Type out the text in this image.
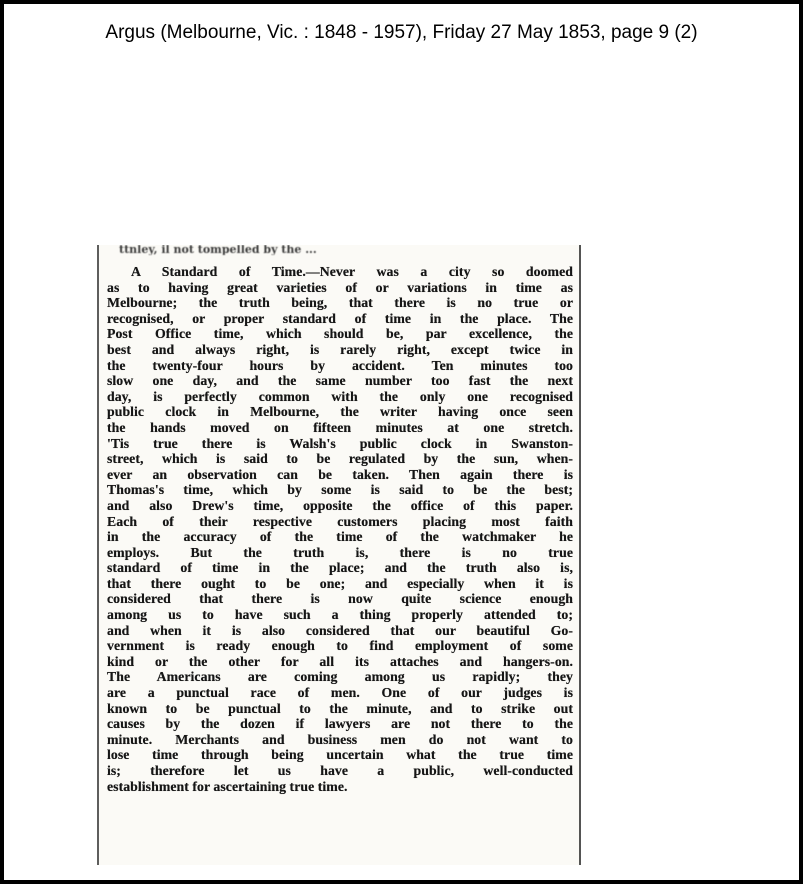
Argus (Melbourne, Vic. : 1848 - 1957), Friday 27 May 1853, page 9 (2)
ttnley, il not tompelled by the ...
A Standard of Time.—Never was a city so doomed
as to having great varieties of or variations in time as
Melbourne; the truth being, that there is no true or
recognised, or proper standard of time in the place. The
Post Office time, which should be, par excellence, the
best and always right, is rarely right, except twice in
the twenty-four hours by accident. Ten minutes too
slow one day, and the same number too fast the next
day, is perfectly common with the only one recognised
public clock in Melbourne, the writer having once seen
the hands moved on fifteen minutes at one stretch.
'Tis true there is Walsh's public clock in Swanston-
street, which is said to be regulated by the sun, when-
ever an observation can be taken. Then again there is
Thomas's time, which by some is said to be the best;
and also Drew's time, opposite the office of this paper.
Each of their respective customers placing most faith
in the accuracy of the time of the watchmaker he
employs. But the truth is, there is no true
standard of time in the place; and the truth also is,
that there ought to be one; and especially when it is
considered that there is now quite science enough
among us to have such a thing properly attended to;
and when it is also considered that our beautiful Go-
vernment is ready enough to find employment of some
kind or the other for all its attaches and hangers-on.
The Americans are coming among us rapidly; they
are a punctual race of men. One of our judges is
known to be punctual to the minute, and to strike out
causes by the dozen if lawyers are not there to the
minute. Merchants and business men do not want to
lose time through being uncertain what the true time
is; therefore let us have a public, well-conducted
establishment for ascertaining true time.
